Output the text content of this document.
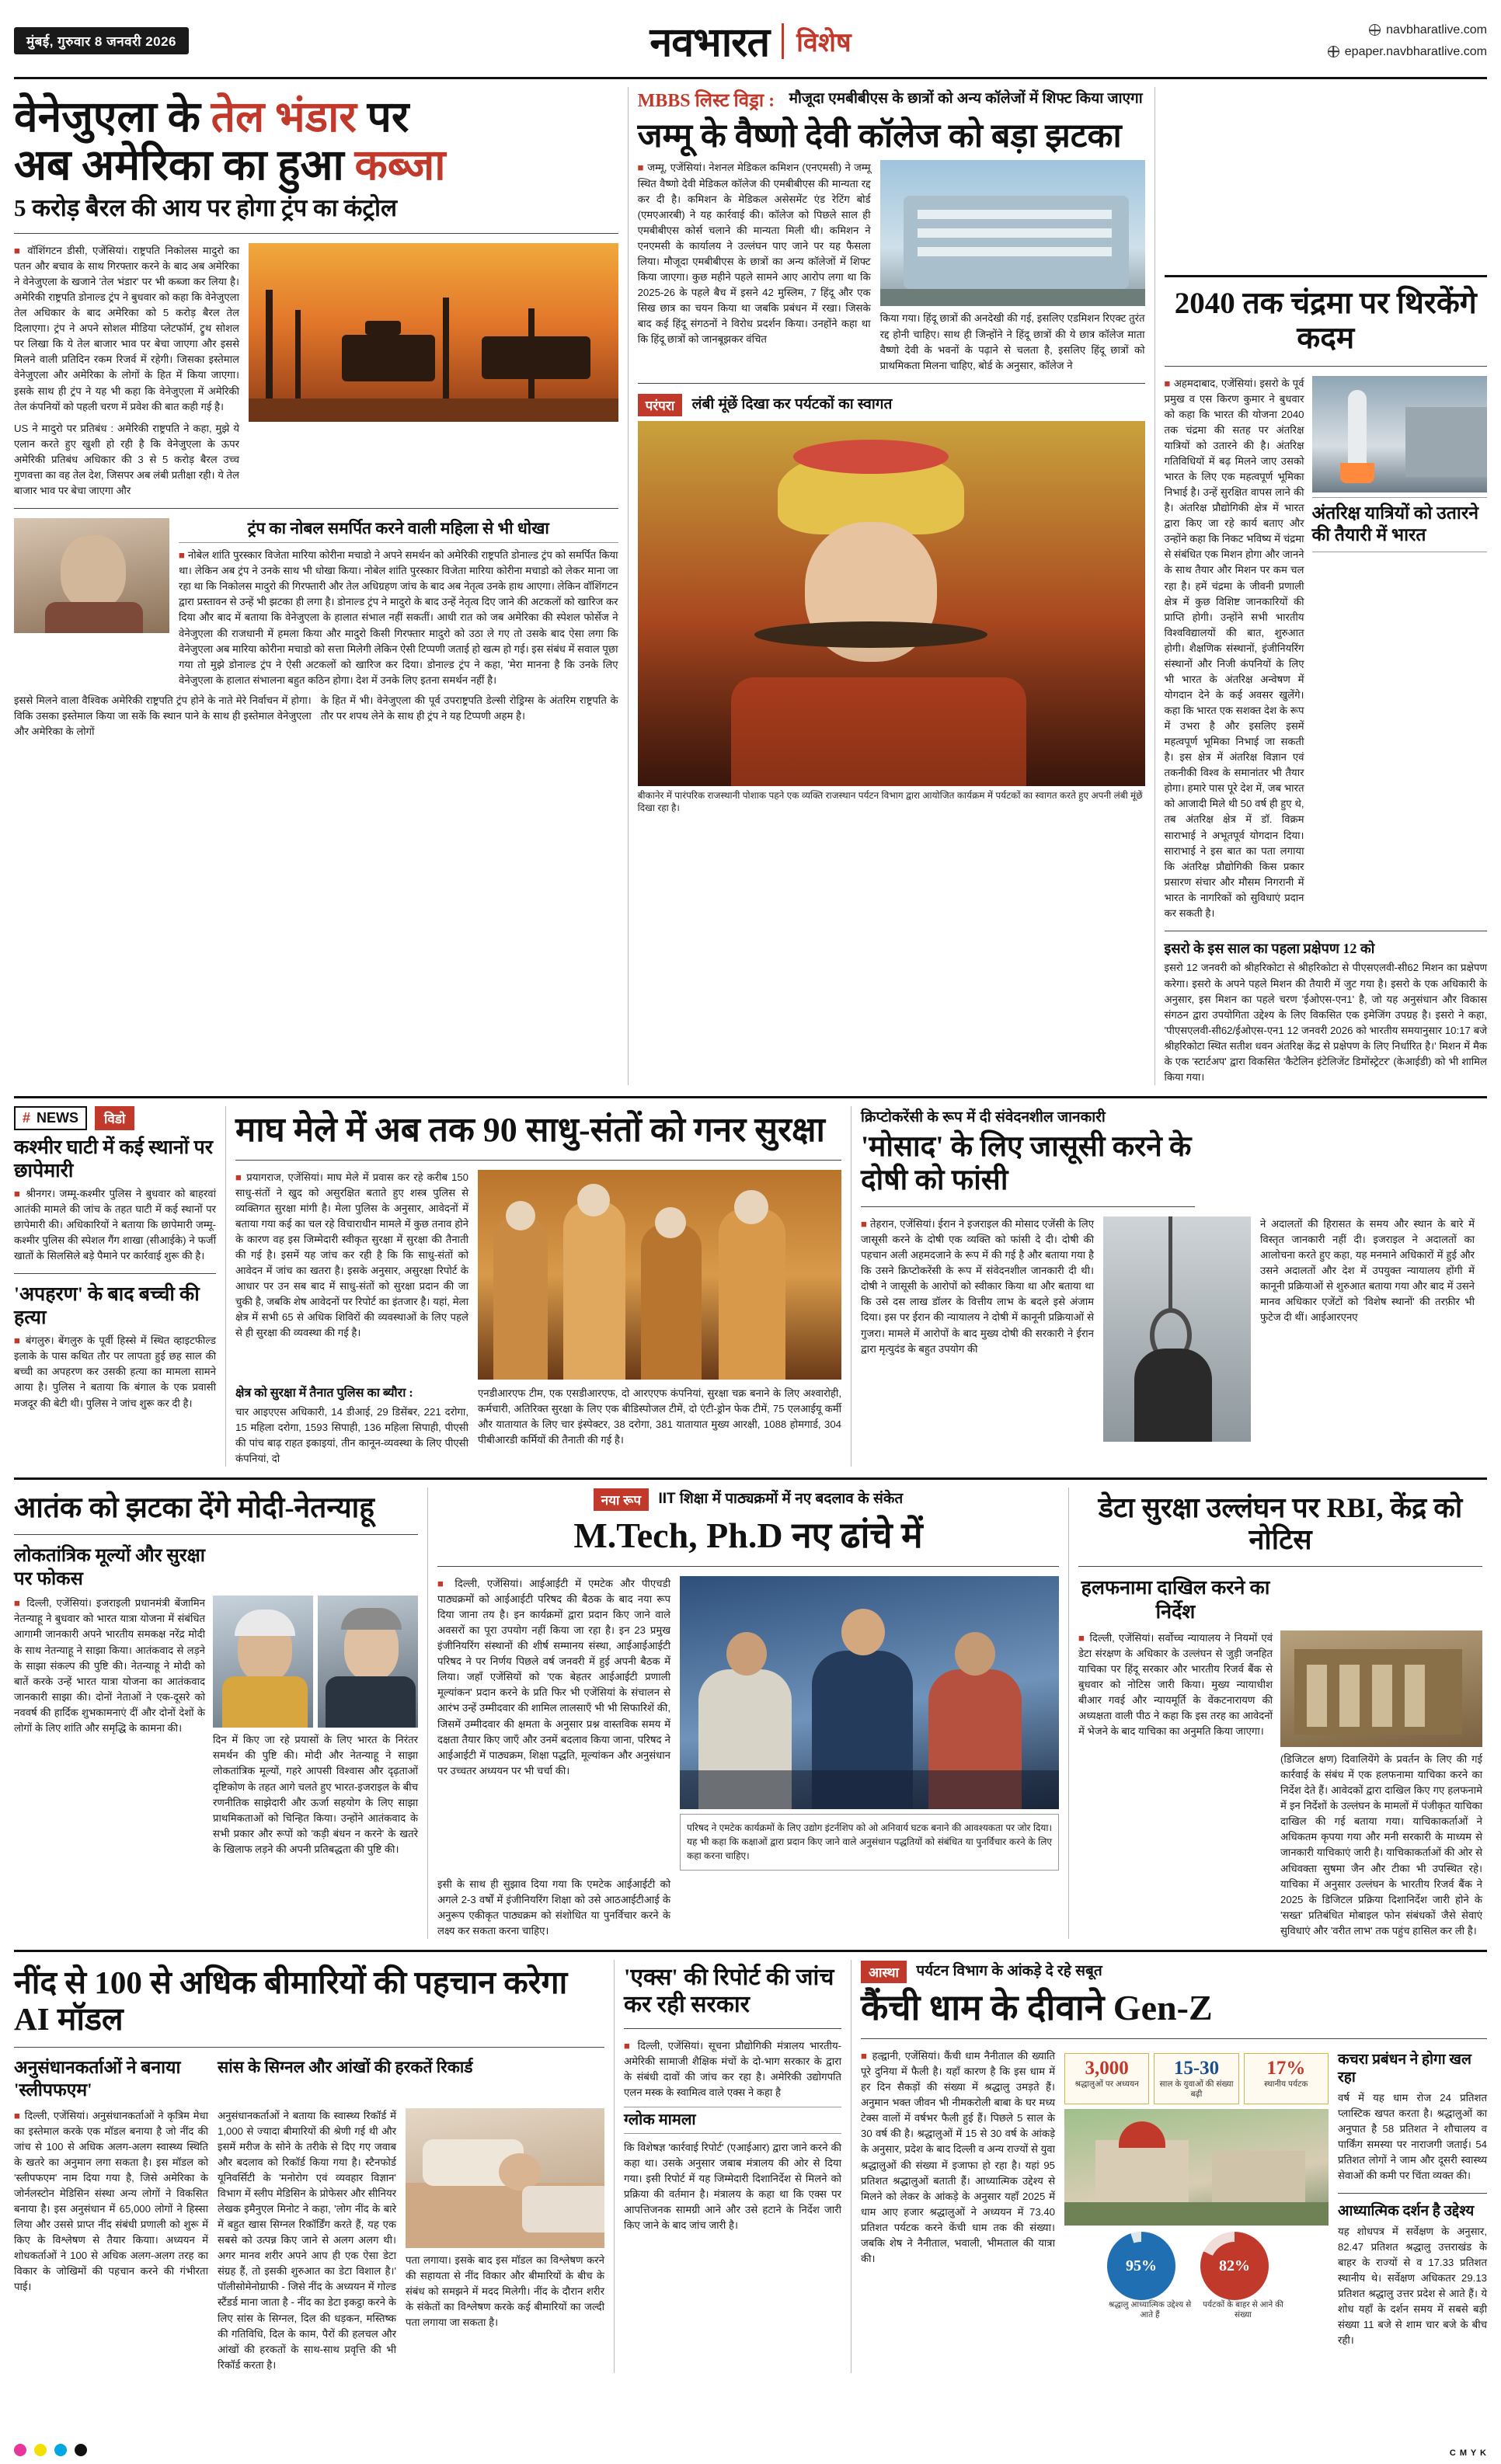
मुंबई, गुरुवार 8 जनवरी 2026	नवभारत विशेष	navbharatlive.com
epaper.navbharatlive.com
वेनेजुएला के तेल भंडार पर
अब अमेरिका का हुआ कब्जा
5 करोड़ बैरल की आय पर होगा ट्रंप का कंट्रोल

■ वॉशिंगटन डीसी, एजेंसियां। राष्ट्रपति निकोलस मादुरो का पतन और बचाव के साथ गिरफ्तार करने के बाद अब अमेरिका ने वेनेजुएला के खजाने 'तेल भंडार' पर भी कब्जा कर लिया है। अमेरिकी राष्ट्रपति डोनाल्ड ट्रंप ने बुधवार को कहा कि वेनेजुएला तेल अधिकार के बाद अमेरिका को 5 करोड़ बैरल तेल दिलाएगा। ट्रंप ने अपने सोशल मीडिया प्लेटफॉर्म, ट्रुथ सोशल पर लिखा कि ये तेल बाजार भाव पर बेचा जाएगा और इससे मिलने वाली प्रतिदिन रकम रिजर्व में रहेगी। जिसका इस्तेमाल वेनेजुएला और अमेरिका के लोगों के हित में किया जाएगा। इसके साथ ही ट्रंप ने यह भी कहा कि वेनेजुएला में अमेरिकी तेल कंपनियों को पहली चरण में प्रवेश की बात कही गई है।

US ने मादुरो पर प्रतिबंध : अमेरिकी राष्ट्रपति ने कहा, मुझे ये एलान करते हुए खुशी हो रही है कि वेनेजुएला के ऊपर अमेरिकी प्रतिबंध अधिकार की 3 से 5 करोड़ बैरल उच्च गुणवत्ता का वह तेल देश, जिसपर अब लंबी प्रतीक्षा रही। ये तेल बाजार भाव पर बेचा जाएगा और

ट्रंप का नोबल समर्पित करने वाली महिला से भी धोखा

■ नोबेल शांति पुरस्कार विजेता मारिया कोरीना मचाडो ने अपने समर्थन को अमेरिकी राष्ट्रपति डोनाल्ड ट्रंप को समर्पित किया था। लेकिन अब ट्रंप ने उनके साथ भी धोखा किया। नोबेल शांति पुरस्कार विजेता मारिया कोरीना मचाडो को लेकर माना जा रहा था कि निकोलस मादुरो की गिरफ्तारी और तेल अधिग्रहण जांच के बाद अब नेतृत्व उनके हाथ आएगा। लेकिन वॉशिंगटन द्वारा प्रस्तावन से उन्हें भी झटका ही लगा है। डोनाल्ड ट्रंप ने मादुरो के बाद उन्हें नेतृत्व दिए जाने की अटकलों को खारिज कर दिया और बाद में बताया कि वेनेजुएला के हालात संभाल नहीं सकतीं। आधी रात को जब अमेरिका की स्पेशल फोर्सेज ने वेनेजुएला की राजधानी में हमला किया और मादुरो किसी गिरफ्तार मादुरो को उठा ले गए तो उसके बाद ऐसा लगा कि वेनेजुएला अब मारिया कोरीना मचाडो को सत्ता मिलेगी लेकिन ऐसी टिप्पणी जताई हो खत्म हो गई। इस संबंध में सवाल पूछा गया तो मुझे डोनाल्ड ट्रंप ने ऐसी अटकलों को खारिज कर दिया। डोनाल्ड ट्रंप ने कहा, 'मेरा मानना है कि उनके लिए वेनेजुएला के हालात संभालना बहुत कठिन होगा। देश में उनके लिए इतना समर्थन नहीं है।

इससे मिलने वाला वैश्विक अमेरिकी राष्ट्रपति ट्रंप होने के नाते मेरे निर्वाचन में होगा। विकि उसका इस्तेमाल किया जा सकें कि स्थान पाने के साथ ही इस्तेमाल वेनेजुएला और अमेरिका के लोगों

के हित में भी। वेनेजुएला की पूर्व उपराष्ट्रपति डेल्सी रोड्रिग्स के अंतरिम राष्ट्रपति के तौर पर शपथ लेने के साथ ही ट्रंप ने यह टिप्पणी अहम है।

MBBS लिस्ट विड्रा : मौजूदा एमबीबीएस के छात्रों को अन्य कॉलेजों में शिफ्ट किया जाएगा
जम्मू के वैष्णो देवी कॉलेज को बड़ा झटका

■ जम्मू, एजेंसियां। नेशनल मेडिकल कमिशन (एनएमसी) ने जम्मू स्थित वैष्णो देवी मेडिकल कॉलेज की एमबीबीएस की मान्यता रद्द कर दी है। कमिशन के मेडिकल असेसमेंट एंड रेटिंग बोर्ड (एमएआरबी) ने यह कार्रवाई की। कॉलेज को पिछले साल ही एमबीबीएस कोर्स चलाने की मान्यता मिली थी। कमिशन ने एनएमसी के कार्यालय ने उल्लंघन पाए जाने पर यह फैसला लिया। मौजूदा एमबीबीएस के छात्रों का अन्य कॉलेजों में शिफ्ट किया जाएगा। कुछ महीने पहले सामने आए आरोप लगा था कि 2025-26 के पहले बैच में इसने 42 मुस्लिम, 7 हिंदू और एक सिख छात्र का चयन किया था जबकि प्रबंधन में रखा। जिसके बाद कई हिंदू संगठनों ने विरोध प्रदर्शन किया। उनहोंने कहा था कि हिंदू छात्रों को जानबूझकर वंचित

किया गया। हिंदू छात्रों की अनदेखी की गई, इसलिए एडमिशन रिएक्ट तुरंत रद्द होनी चाहिए। साथ ही जिन्होंने ने हिंदू छात्रों की ये छात्र कॉलेज माता वैष्णो देवी के भवनों के पढ़ाने से चलता है, इसलिए हिंदू छात्रों को प्राथमिकता मिलना चाहिए, बोर्ड के अनुसार, कॉलेज ने

परंपरा लंबी मूंछें दिखा कर पर्यटकों का स्वागत
बीकानेर में पारंपरिक राजस्थानी पोशाक पहने एक व्यक्ति राजस्थान पर्यटन विभाग द्वारा आयोजित कार्यक्रम में पर्यटकों का स्वागत करते हुए अपनी लंबी मूंछें दिखा रहा है।
2040 तक चंद्रमा पर थिरकेंगे कदम

■ अहमदाबाद, एजेंसियां। इसरो के पूर्व प्रमुख व एस किरण कुमार ने बुधवार को कहा कि भारत की योजना 2040 तक चंद्रमा की सतह पर अंतरिक्ष यात्रियों को उतारने की है। अंतरिक्ष गतिविधियों में बढ़ मिलने जाए उसको भारत के लिए एक महत्वपूर्ण भूमिका निभाई है। उन्हें सुरक्षित वापस लाने की है। अंतरिक्ष प्रौद्योगिकी क्षेत्र में भारत द्वारा किए जा रहे कार्य बताए और उन्होंने कहा कि निकट भविष्य में चंद्रमा से संबंधित एक मिशन होगा और जानने के साथ तैयार और मिशन पर कम चल रहा है। हमें चंद्रमा के जीवनी प्रणाली क्षेत्र में कुछ विशिष्ट जानकारियों की प्राप्ति होगी। उन्होंने सभी भारतीय विश्वविद्यालयों की बात, शुरुआत होगी। शैक्षणिक संस्थानों, इंजीनियरिंग संस्थानों और निजी कंपनियों के लिए भी भारत के अंतरिक्ष अन्वेषण में योगदान देने के कई अवसर खुलेंगे। कहा कि भारत एक सशक्त देश के रूप में उभरा है और इसलिए इसमें महत्वपूर्ण भूमिका निभाई जा सकती है। इस क्षेत्र में अंतरिक्ष विज्ञान एवं तकनीकी विश्व के समानांतर भी तैयार होगा। हमारे पास पूरे देश में, जब भारत को आजादी मिले थी 50 वर्ष ही हुए थे, तब अंतरिक्ष क्षेत्र में डॉ. विक्रम साराभाई ने अभूतपूर्व योगदान दिया। साराभाई ने इस बात का पता लगाया कि अंतरिक्ष प्रौद्योगिकी किस प्रकार प्रसारण संचार और मौसम निगरानी में भारत के नागरिकों को सुविधाएं प्रदान कर सकती है।

अंतरिक्ष यात्रियों को उतारने की तैयारी में भारत
इसरो के इस साल का पहला प्रक्षेपण 12 को

इसरो 12 जनवरी को श्रीहरिकोटा से श्रीहरिकोटा से पीएसएलवी-सी62 मिशन का प्रक्षेपण करेगा। इसरो के अपने पहले मिशन की तैयारी में जुट गया है। इसरो के एक अधिकारी के अनुसार, इस मिशन का पहले चरण 'ईओएस-एन1' है, जो यह अनुसंधान और विकास संगठन द्वारा उपयोगिता उद्देश्य के लिए विकसित एक इमेजिंग उपग्रह है। इसरो ने कहा, 'पीएसएलवी-सी62/ईओएस-एन1 12 जनवरी 2026 को भारतीय समयानुसार 10:17 बजे श्रीहरिकोटा स्थित सतीश धवन अंतरिक्ष केंद्र से प्रक्षेपण के लिए निर्धारित है।' मिशन में मैक के एक 'स्टार्टअप' द्वारा विकसित 'कैटेलिन इंटेलिजेंट डिमोंस्ट्रेटर' (केआईडी) को भी शामिल किया गया।

# NEWS	विडो
कश्मीर घाटी में कई स्थानों पर छापेमारी

■ श्रीनगर। जम्मू-कश्मीर पुलिस ने बुधवार को बाहरवां आतंकी मामले की जांच के तहत घाटी में कई स्थानों पर छापेमारी की। अधिकारियों ने बताया कि छापेमारी जम्मू-कश्मीर पुलिस की स्पेशल गैंग शाखा (सीआईके) ने फर्जी खातों के सिलसिले बड़े पैमाने पर कार्रवाई शुरू की है।

'अपहरण' के बाद बच्ची की हत्या

■ बंगलुरु। बेंगलुरु के पूर्वी हिस्से में स्थित व्हाइटफील्ड इलाके के पास कथित तौर पर लापता हुई छह साल की बच्ची का अपहरण कर उसकी हत्या का मामला सामने आया है। पुलिस ने बताया कि बंगाल के एक प्रवासी मजदूर की बेटी थी। पुलिस ने जांच शुरू कर दी है।

माघ मेले में अब तक 90 साधु-संतों को गनर सुरक्षा

■ प्रयागराज, एजेंसियां। माघ मेले में प्रवास कर रहे करीब 150 साधु-संतों ने खुद को असुरक्षित बताते हुए शस्त्र पुलिस से व्यक्तिगत सुरक्षा मांगी है। मेला पुलिस के अनुसार, आवेदनों में बताया गया कई का चल रहे विचाराधीन मामले में कुछ तनाव होने के कारण वह इस जिम्मेदारी स्वीकृत सुरक्षा में सुरक्षा की तैनाती की गई है। इसमें यह जांच कर रही है कि कि साधु-संतों को आवेदन में जांच का खतरा है। इसके अनुसार, असुरक्षा रिपोर्ट के आधार पर उन सब बाद में साधु-संतों को सुरक्षा प्रदान की जा चुकी है, जबकि शेष आवेदनों पर रिपोर्ट का इंतजार है। यहां, मेला क्षेत्र में सभी 65 से अधिक शिविरों की व्यवस्थाओं के लिए पहले से ही सुरक्षा की व्यवस्था की गई है।

क्षेत्र को सुरक्षा में तैनात पुलिस का ब्यौरा :

चार आइएएस अधिकारी, 14 डीआई, 29 डिसेंबर, 221 दरोगा, 15 महिला दरोगा, 1593 सिपाही, 136 महिला सिपाही, पीएसी की पांच बाढ़ राहत इकाइयां, तीन कानून-व्यवस्था के लिए पीएसी कंपनियां, दो

एनडीआरएफ टीम, एक एसडीआरएफ, दो आरएएफ कंपनियां, सुरक्षा चक्र बनाने के लिए अश्वारोही, कर्मचारी, अतिरिक्त सुरक्षा के लिए एक बीडिस्पोजल टीमें, दो एंटी-ड्रोन फेक टीमें, 75 एलआईयू कर्मी और यातायात के लिए चार इंस्पेक्टर, 38 दरोगा, 381 यातायात मुख्य आरक्षी, 1088 होमगार्ड, 304 पीबीआरडी कर्मियों की तैनाती की गई है।

क्रिप्टोकरेंसी के रूप में दी संवेदनशील जानकारी
'मोसाद' के लिए जासूसी करने के दोषी को फांसी

■ तेहरान, एजेंसियां। ईरान ने इजराइल की मोसाद एजेंसी के लिए जासूसी करने के दोषी एक व्यक्ति को फांसी दे दी। दोषी की पहचान अली अहमदजाने के रूप में की गई है और बताया गया है कि उसने क्रिप्टोकरेंसी के रूप में संवेदनशील जानकारी दी थी। दोषी ने जासूसी के आरोपों को स्वीकार किया था और बताया था कि उसे दस लाख डॉलर के वित्तीय लाभ के बदले इसे अंजाम दिया। इस पर ईरान की न्यायालय ने दोषी में कानूनी प्रक्रियाओं से गुजरा। मामले में आरोपों के बाद मुख्य दोषी की सरकारी ने ईरान द्वारा मृत्युदंड के बहुत उपयोग की

ने अदालतों की हिरासत के समय और स्थान के बारे में विस्तृत जानकारी नहीं दी। इजराइल ने अदालतों का आलोचना करते हुए कहा, यह मनमाने अधिकारों में हुई और उसने अदालतों और देश में उपयुक्त न्यायालय होंगी में कानूनी प्रक्रियाओं से शुरुआत बताया गया और बाद में उसने मानव अधिकार एजेंटों को 'विशेष स्थानों' की तरफ़ीर भी फुटेज दी थीं। आईआरएनए

आतंक को झटका देंगे मोदी-नेतन्याहू
लोकतांत्रिक मूल्यों और सुरक्षा पर फोकस

■ दिल्ली, एजेंसियां। इजराइली प्रधानमंत्री बेंजामिन नेतन्याहू ने बुधवार को भारत यात्रा योजना में संबंधित आगामी जानकारी अपने भारतीय समकक्ष नरेंद्र मोदी के साथ नेतन्याहू ने साझा किया। आतंकवाद से लड़ने के साझा संकल्प की पुष्टि की। नेतन्याहू ने मोदी को बातें करके उन्हें भारत यात्रा योजना का आतंकवाद जानकारी साझा की। दोनों नेताओं ने एक-दूसरे को नववर्ष की हार्दिक शुभकामनाएं दीं और दोनों देशों के लोगों के लिए शांति और समृद्धि के कामना की।

दिन में किए जा रहे प्रयासों के लिए भारत के निरंतर समर्थन की पुष्टि की। मोदी और नेतन्याहू ने साझा लोकतांत्रिक मूल्यों, गहरे आपसी विश्वास और दृढ़ताओं दृष्टिकोण के तहत आगे चलते हुए भारत-इजराइल के बीच रणनीतिक साझेदारी और ऊर्जा सहयोग के लिए साझा प्राथमिकताओं को चिन्हित किया। उन्होंने आतंकवाद के सभी प्रकार और रूपों को 'कड़ी बंधन न करने' के खतरे के खिलाफ लड़ने की अपनी प्रतिबद्धता की पुष्टि की।

नया रूप IIT शिक्षा में पाठ्यक्रमों में नए बदलाव के संकेत
M.Tech, Ph.D नए ढांचे में

■ दिल्ली, एजेंसियां। आईआईटी में एमटेक और पीएचडी पाठ्यक्रमों को आईआईटी परिषद की बैठक के बाद नया रूप दिया जाना तय है। इन कार्यक्रमों द्वारा प्रदान किए जाने वाले अवसरों का पूरा उपयोग नहीं किया जा रहा है। इन 23 प्रमुख इंजीनियरिंग संस्थानों की शीर्ष सम्मानय संस्था, आईआईआईटी परिषद ने पर निर्णय पिछले वर्ष जनवरी में हुई अपनी बैठक में लिया। जहाँ एजेंसियों को 'एक बेहतर आईआईटी प्रणाली मूल्यांकन' प्रदान करने के प्रति फिर भी एजेंसियां के संचालन से आरंभ उन्हें उम्मीदवार की शामिल लालसाएँ भी भी सिफारिशें की, जिसमें उम्मीदवार की क्षमता के अनुसार प्रश्न वास्तविक समय में दक्षता तैयार किए जाएँ और उनमें बदलाव किया जाना, परिषद ने आईआईटी में पाठ्यक्रम, शिक्षा पद्धति, मूल्यांकन और अनुसंधान पर उच्चतर अध्ययन पर भी चर्चा की।

परिषद ने एमटेक कार्यक्रमों के लिए उद्योग इंटर्नशिप को ओ अनिवार्य घटक बनाने की आवश्यकता पर जोर दिया। यह भी कहा कि कक्षाओं द्वारा प्रदान किए जाने वाले अनुसंधान पद्धतियों को संबंधित या पुनर्विचार करने के लिए कहा करना चाहिए।

इसी के साथ ही सुझाव दिया गया कि एमटेक आईआईटी को अगले 2-3 वर्षों में इंजीनियरिंग शिक्षा को उसे आठआईटीआई के अनुरूप एकीकृत पाठ्यक्रम को संशोधित या पुनर्विचार करने के लक्ष्य कर सकता करना चाहिए।

डेटा सुरक्षा उल्लंघन पर RBI, केंद्र को नोटिस
हलफनामा दाखिल करने का निर्देश

■ दिल्ली, एजेंसियां। सर्वोच्च न्यायालय ने नियमों एवं डेटा संरक्षण के अधिकार के उल्लंघन से जुड़ी जनहित याचिका पर हिंदू सरकार और भारतीय रिजर्व बैंक से बुधवार को नोटिस जारी किया। मुख्य न्यायाधीश बीआर गवई और न्यायमूर्ति के वेंकटनारायण की अध्यक्षता वाली पीठ ने कहा कि इस तरह का आवेदनों में भेजने के बाद याचिका का अनुमति किया जाएगा।

(डिजिटल क्षण) दिवालियेंगे के प्रवर्तन के लिए की गई कार्रवाई के संबंध में एक हलफनामा याचिका करने का निर्देश देते हैं। आवेदकों द्वारा दाखिल किए गए हलफनामे में इन निर्देशों के उल्लंघन के मामलों में पंजीकृत याचिका दाखिल की गई बताया गया। याचिकाकर्ताओं ने अधिकतम कृपया गया और मनी सरकारी के माध्यम से जानकारी याचिकाएं जारी है। याचिकाकर्ताओं की ओर से अधिवक्ता सुषमा जैन और टीका भी उपस्थित रहे। याचिका में अनुसार उल्लंघन के भारतीय रिजर्व बैंक ने 2025 के डिजिटल प्रक्रिया दिशानिर्देश जारी होने के 'सख्त' प्रतिबंधित मोबाइल फोन संबंधकों जैसे सेवाएं सुविधाएं और 'वरीत लाभ' तक पहुंच हासिल कर ली है।

नींद से 100 से अधिक बीमारियों की पहचान करेगा AI मॉडल
अनुसंधानकर्ताओं ने बनाया 'स्लीपफएम'
सांस के सिग्नल और आंखों की हरकतें रिकार्ड

■ दिल्ली, एजेंसियां। अनुसंधानकर्ताओं ने कृत्रिम मेधा का इस्तेमाल करके एक मॉडल बनाया है जो नींद की जांच से 100 से अधिक अलग-अलग स्वास्थ्य स्थिति के खतरे का अनुमान लगा सकता है। इस मॉडल को 'स्लीपफएम' नाम दिया गया है, जिसे अमेरिका के जोर्नलस्टोन मेडिसिन संस्था अन्य लोगों ने विकसित बनाया है। इस अनुसंधान में 65,000 लोगों ने हिस्सा लिया और उससे प्राप्त नींद संबंधी प्रणाली को शुरू में किए के विश्लेषण से तैयार कियाा। अध्ययन में शोधकर्ताओं ने 100 से अधिक अलग-अलग तरह का विकार के जोखिमों की पहचान करने की गंभीरता पाई।

अनुसंधानकर्ताओं ने बताया कि स्वास्थ्य रिकॉर्ड में 1,000 से ज्यादा बीमारियों की श्रेणी गई थी और इसमें मरीज के सोने के तरीके से दिए गए जवाब और बदलाव को रिकॉर्ड किया गया है। स्टैनफोर्ड यूनिवर्सिटी के 'मनोरोग एवं व्यवहार विज्ञान' विभाग में स्लीप मेडिसिन के प्रोफेसर और सीनियर लेखक इमैनुएल मिनोट ने कहा, 'लोग नींद के बारे में बहुत खास सिग्नल रिकॉर्डिंग करते हैं, यह एक सबसे को उत्पन्न किए जाने से अलग अलग थी। अगर मानव शरीर अपने आप ही एक ऐसा डेटा संग्रह हैं, तो इसकी शुरुआत का डेटा विशाल है।' पॉलीसोमेनोग्राफी - जिसे नींद के अध्ययन में गोल्ड स्टैंडर्ड माना जाता है - नींद का डेटा इकट्ठा करने के लिए सांस के सिग्नल, दिल की धड़कन, मस्तिष्क की गतिविधि, दिल के काम, पैरों की हलचल और आंखों की हरकतों के साथ-साथ प्रवृत्ति की भी रिकॉर्ड करता है।

पता लगाया। इसके बाद इस मॉडल का विश्लेषण करने की सहायता से नींद विकार और बीमारियों के बीच के संबंध को समझने में मदद मिलेगी। नींद के दौरान शरीर के संकेतों का विश्लेषण करके कई बीमारियों का जल्दी पता लगाया जा सकता है।

'एक्स' की रिपोर्ट की जांच कर रही सरकार

■ दिल्ली, एजेंसियां। सूचना प्रौद्योगिकी मंत्रालय भारतीय-अमेरिकी सामाजी शैक्षिक मंचों के दो-भाग सरकार के द्वारा के संबंधी दावों की जांच कर रहा है। अमेरिकी उद्योगपति एलन मस्क के स्वामित्व वाले एक्स ने कहा है

ग्लोक मामला

कि विशेषज्ञ 'कार्रवाई रिपोर्ट' (एआईआर) द्वारा जाने करने की कहा था। उसके अनुसार जबाब मंत्रालय की ओर से दिया गया। इसी रिपोर्ट में यह जिम्मेदारी दिशानिर्देश से मिलने को प्रक्रिया की वर्तमान है। मंत्रालय के कहा था कि एक्स पर आपत्तिजनक सामग्री आने और उसे हटाने के निर्देश जारी किए जाने के बाद जांच जारी है।

आस्था पर्यटन विभाग के आंकड़े दे रहे सबूत
कैंची धाम के दीवाने Gen-Z

■ हल्द्वानी, एजेंसियां। कैंची धाम नैनीताल की ख्याति पूरे दुनिया में फैली है। यहाँ कारण है कि इस धाम में हर दिन सैकड़ों की संख्या में श्रद्धालु उमड़ते हैं। अनुमान भक्त जीवन भी नीमकरोली बाबा के घर मध्य टेक्स वालों में वर्षभर फैली हुई हैं। पिछले 5 साल के 30 वर्ष की है। श्रद्धालुओं में 15 से 30 वर्ष के आंकड़े के अनुसार, प्रदेश के बाद दिल्ली व अन्य राज्यों से युवा श्रद्धालुओं की संख्या में इजाफा हो रहा है। यहां 95 प्रतिशत श्रद्धालुओं बताती हैं। आध्यात्मिक उद्देश्य से मिलने को लेकर के आंकड़े के अनुसार यहाँ 2025 में धाम आए हजार श्रद्धालुओं ने अध्ययन में 73.40 प्रतिशत पर्यटक करने केंची धाम तक की संख्या। जबकि शेष ने नैनीताल, भवाली, भीमताल की यात्रा की।

3,000
श्रद्धालुओं पर अध्ययन
15-30
साल के युवाओं की संख्या बढ़ी
17%
स्थानीय पर्यटक
95%
श्रद्धालु आध्यात्मिक उद्देश्य से आते हैं
82%
पर्यटकों के बाहर से आने की संख्या
कचरा प्रबंधन ने होगा खल रहा

वर्ष में यह धाम रोज 24 प्रतिशत प्लास्टिक खपत करता है। श्रद्धालुओं का अनुपात है 58 प्रतिशत ने शौचालय व पार्किंग समस्या पर नाराजगी जताई। 54 प्रतिशत लोगों ने जाम और दूसरी स्वास्थ्य सेवाओं की कमी पर चिंता व्यक्त की।

आध्यात्मिक दर्शन है उद्देश्य

यह शोधपत्र में सर्वेक्षण के अनुसार, 82.47 प्रतिशत श्रद्धालु उत्तराखंड के बाहर के राज्यों से व 17.33 प्रतिशत स्थानीय थे। सर्वेक्षण अधिकतर 29.13 प्रतिशत श्रद्धालु उत्तर प्रदेश से आते हैं। ये शोध यहाँ के दर्शन समय में सबसे बड़ी संख्या 11 बजे से शाम चार बजे के बीच रही।

C M Y K
